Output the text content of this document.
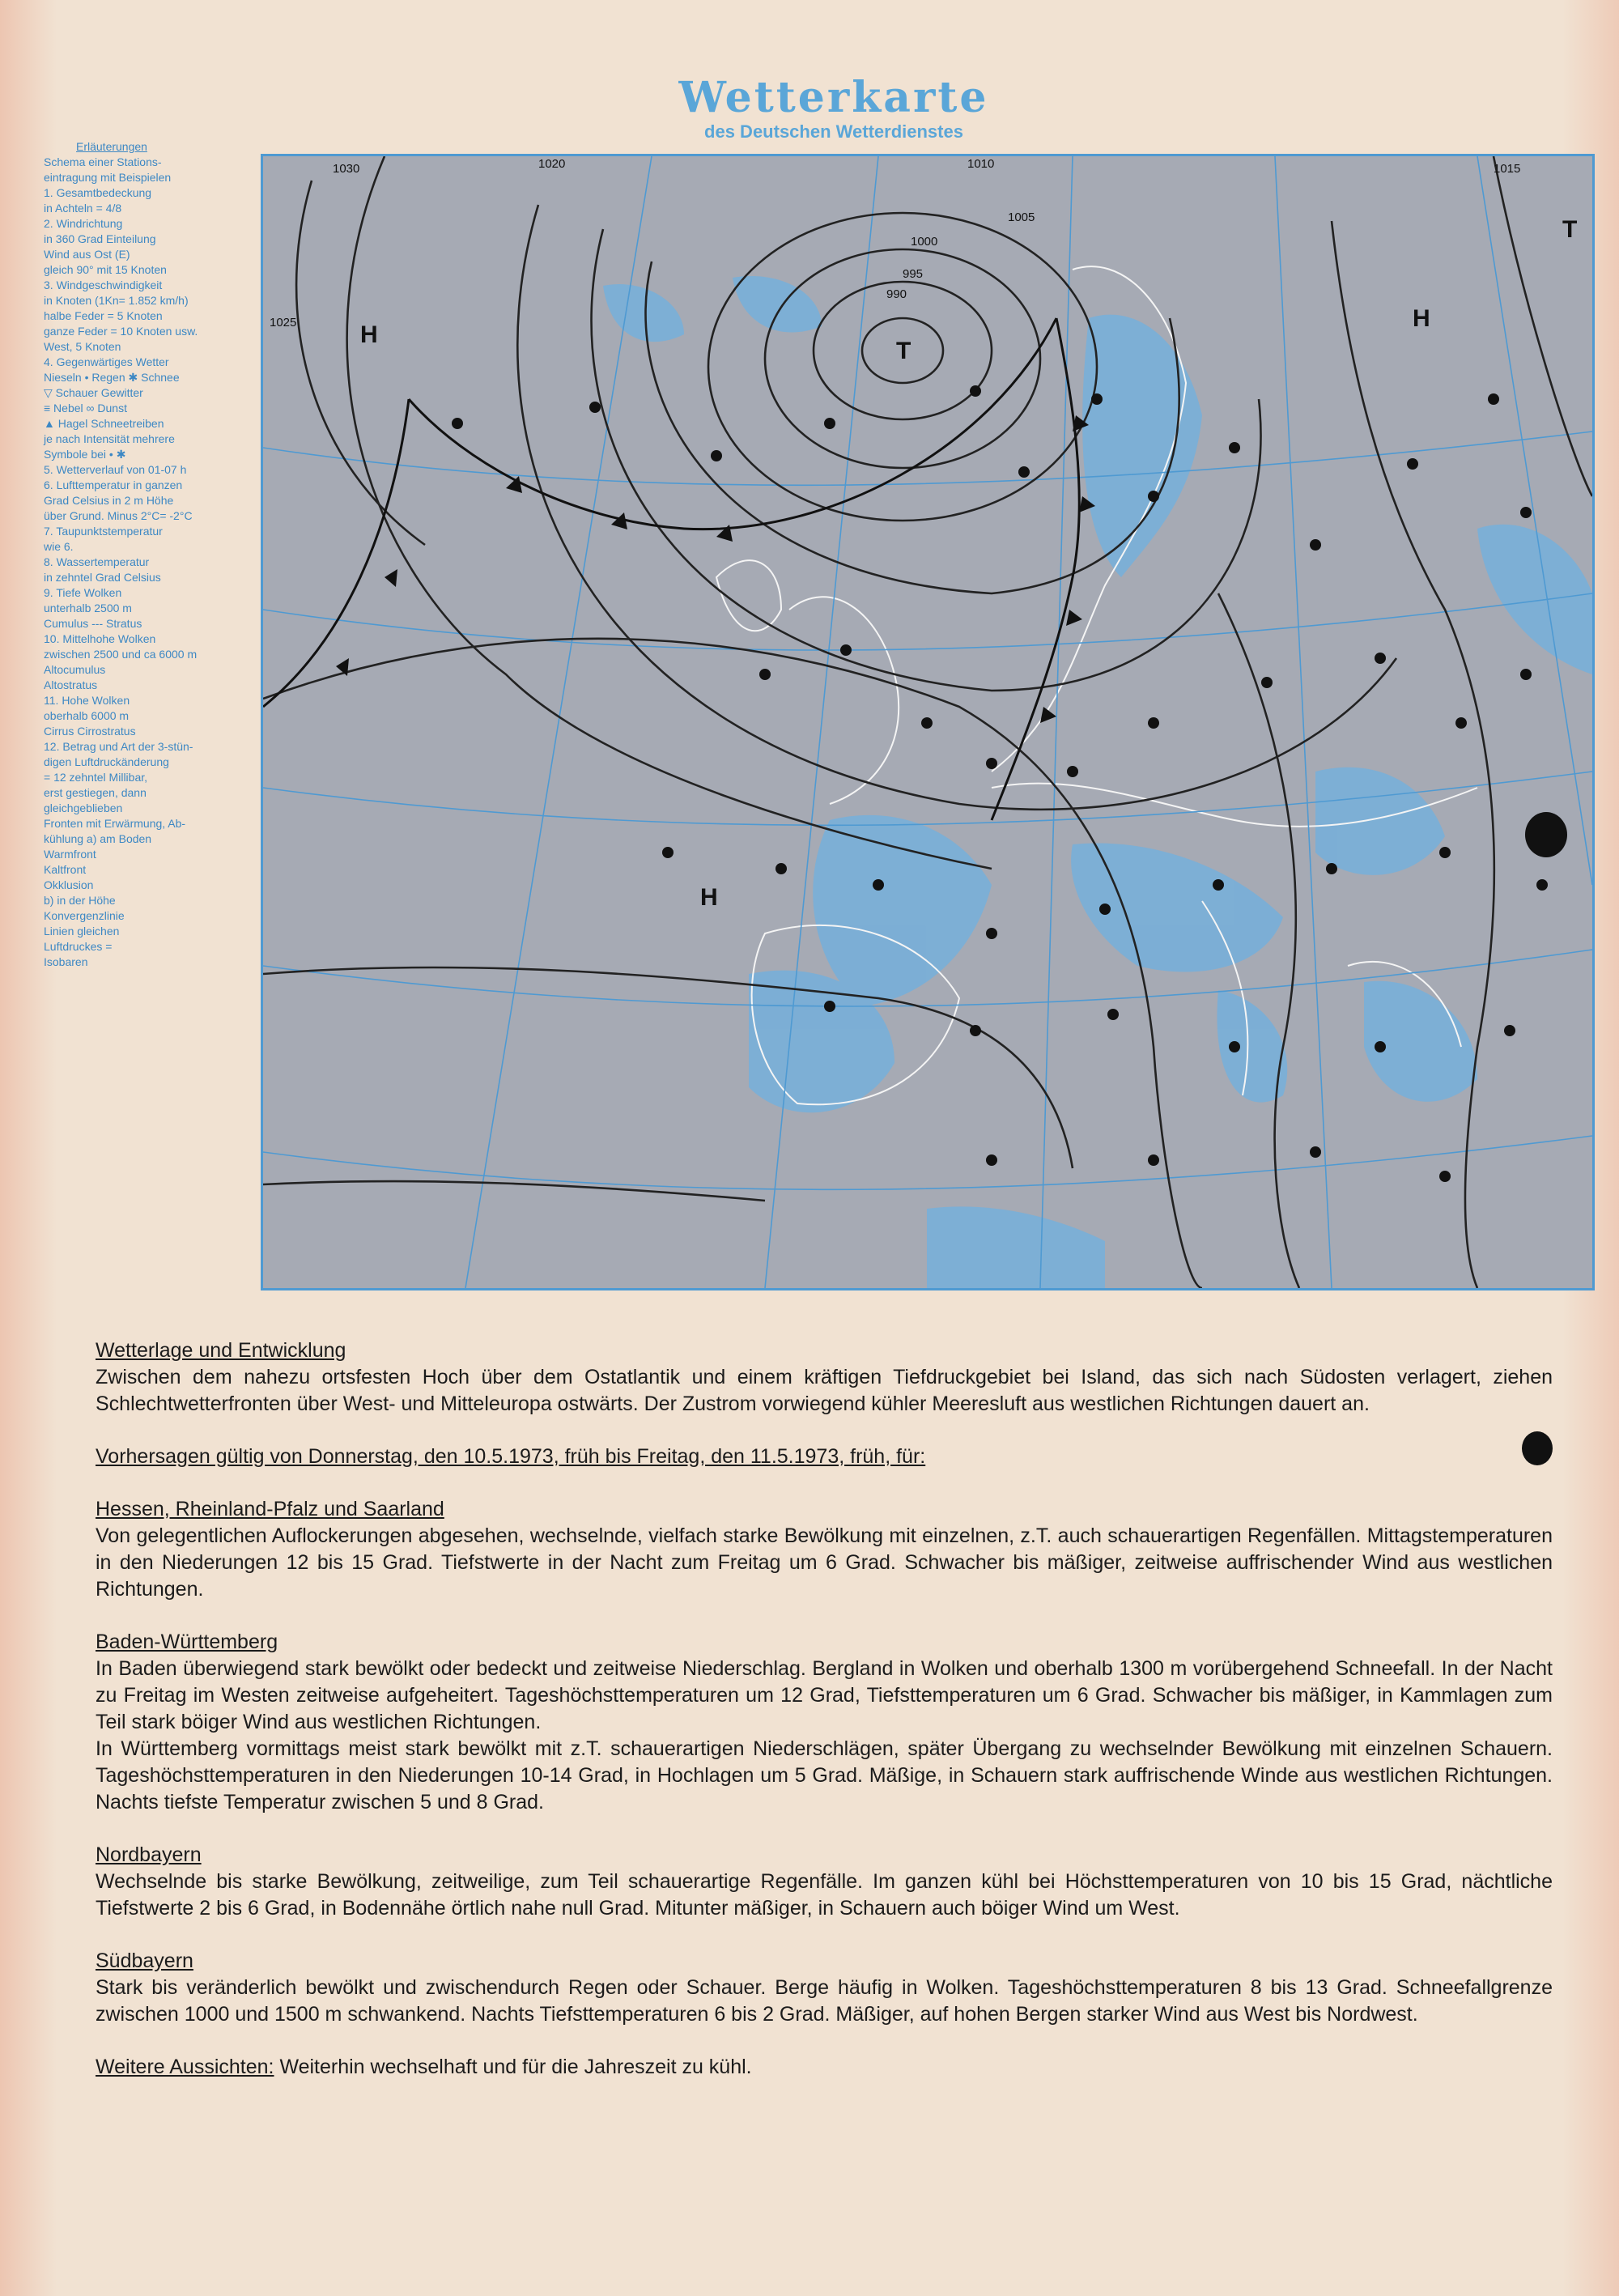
Wetterkarte
des Deutschen Wetterdienstes
Erläuterungen
Schema einer Stations-
eintragung mit Beispielen
1. Gesamtbedeckung
in Achteln = 4/8
2. Windrichtung
in 360 Grad Einteilung
Wind aus Ost (E)
gleich 90° mit 15 Knoten
3. Windgeschwindigkeit
in Knoten (1Kn= 1.852 km/h)
halbe Feder = 5 Knoten
ganze Feder = 10 Knoten usw.
West, 5 Knoten
4. Gegenwärtiges Wetter
Nieseln • Regen ✱ Schnee
▽ Schauer Gewitter
≡ Nebel ∞ Dunst
▲ Hagel Schneetreiben
je nach Intensität mehrere
Symbole bei • ✱
5. Wetterverlauf von 01-07 h
6. Lufttemperatur in ganzen
Grad Celsius in 2 m Höhe
über Grund. Minus 2°C= -2°C
7. Taupunktstemperatur
wie 6.
8. Wassertemperatur
in zehntel Grad Celsius
9. Tiefe Wolken
unterhalb 2500 m
Cumulus --- Stratus
10. Mittelhohe Wolken
zwischen 2500 und ca 6000 m
Altocumulus
Altostratus
11. Hohe Wolken
oberhalb 6000 m
Cirrus Cirrostratus
12. Betrag und Art der 3-stün-
digen Luftdruckänderung
= 12 zehntel Millibar,
erst gestiegen, dann
gleichgeblieben
Fronten mit Erwärmung, Ab-
kühlung a) am Boden
Warmfront
Kaltfront
Okklusion
b) in der Höhe
Konvergenzlinie
Linien gleichen
Luftdruckes =
Isobaren
H
H
H
T
T
1030
1025
1020	1015
1010
1005
1000
995
990

Wetterlage und Entwicklung

Zwischen dem nahezu ortsfesten Hoch über dem Ostatlantik und einem kräftigen Tiefdruckgebiet bei Island, das sich nach Südosten verlagert, ziehen Schlechtwetterfronten über West- und Mitteleuropa ostwärts. Der Zustrom vorwiegend kühler Meeresluft aus westlichen Richtungen dauert an.

Vorhersagen gültig von Donnerstag, den 10.5.1973, früh bis Freitag, den 11.5.1973, früh, für:

Hessen, Rheinland-Pfalz und Saarland

Von gelegentlichen Auflockerungen abgesehen, wechselnde, vielfach starke Bewölkung mit einzelnen, z.T. auch schauerartigen Regenfällen. Mittagstemperaturen in den Niederungen 12 bis 15 Grad. Tiefstwerte in der Nacht zum Freitag um 6 Grad. Schwacher bis mäßiger, zeitweise auffrischender Wind aus westlichen Richtungen.

Baden-Württemberg

In Baden überwiegend stark bewölkt oder bedeckt und zeitweise Niederschlag. Bergland in Wolken und oberhalb 1300 m vorübergehend Schneefall. In der Nacht zu Freitag im Westen zeitweise aufgeheitert. Tageshöchsttemperaturen um 12 Grad, Tiefsttemperaturen um 6 Grad. Schwacher bis mäßiger, in Kammlagen zum Teil stark böiger Wind aus westlichen Richtungen.

In Württemberg vormittags meist stark bewölkt mit z.T. schauerartigen Niederschlägen, später Übergang zu wechselnder Bewölkung mit einzelnen Schauern. Tageshöchsttemperaturen in den Niederungen 10-14 Grad, in Hochlagen um 5 Grad. Mäßige, in Schauern stark auffrischende Winde aus westlichen Richtungen. Nachts tiefste Temperatur zwischen 5 und 8 Grad.

Nordbayern

Wechselnde bis starke Bewölkung, zeitweilige, zum Teil schauerartige Regenfälle. Im ganzen kühl bei Höchsttemperaturen von 10 bis 15 Grad, nächtliche Tiefstwerte 2 bis 6 Grad, in Bodennähe örtlich nahe null Grad. Mitunter mäßiger, in Schauern auch böiger Wind um West.

Südbayern

Stark bis veränderlich bewölkt und zwischendurch Regen oder Schauer. Berge häufig in Wolken. Tageshöchsttemperaturen 8 bis 13 Grad. Schneefallgrenze zwischen 1000 und 1500 m schwankend. Nachts Tiefsttemperaturen 6 bis 2 Grad. Mäßiger, auf hohen Bergen starker Wind aus West bis Nordwest.

Weitere Aussichten: Weiterhin wechselhaft und für die Jahreszeit zu kühl.
